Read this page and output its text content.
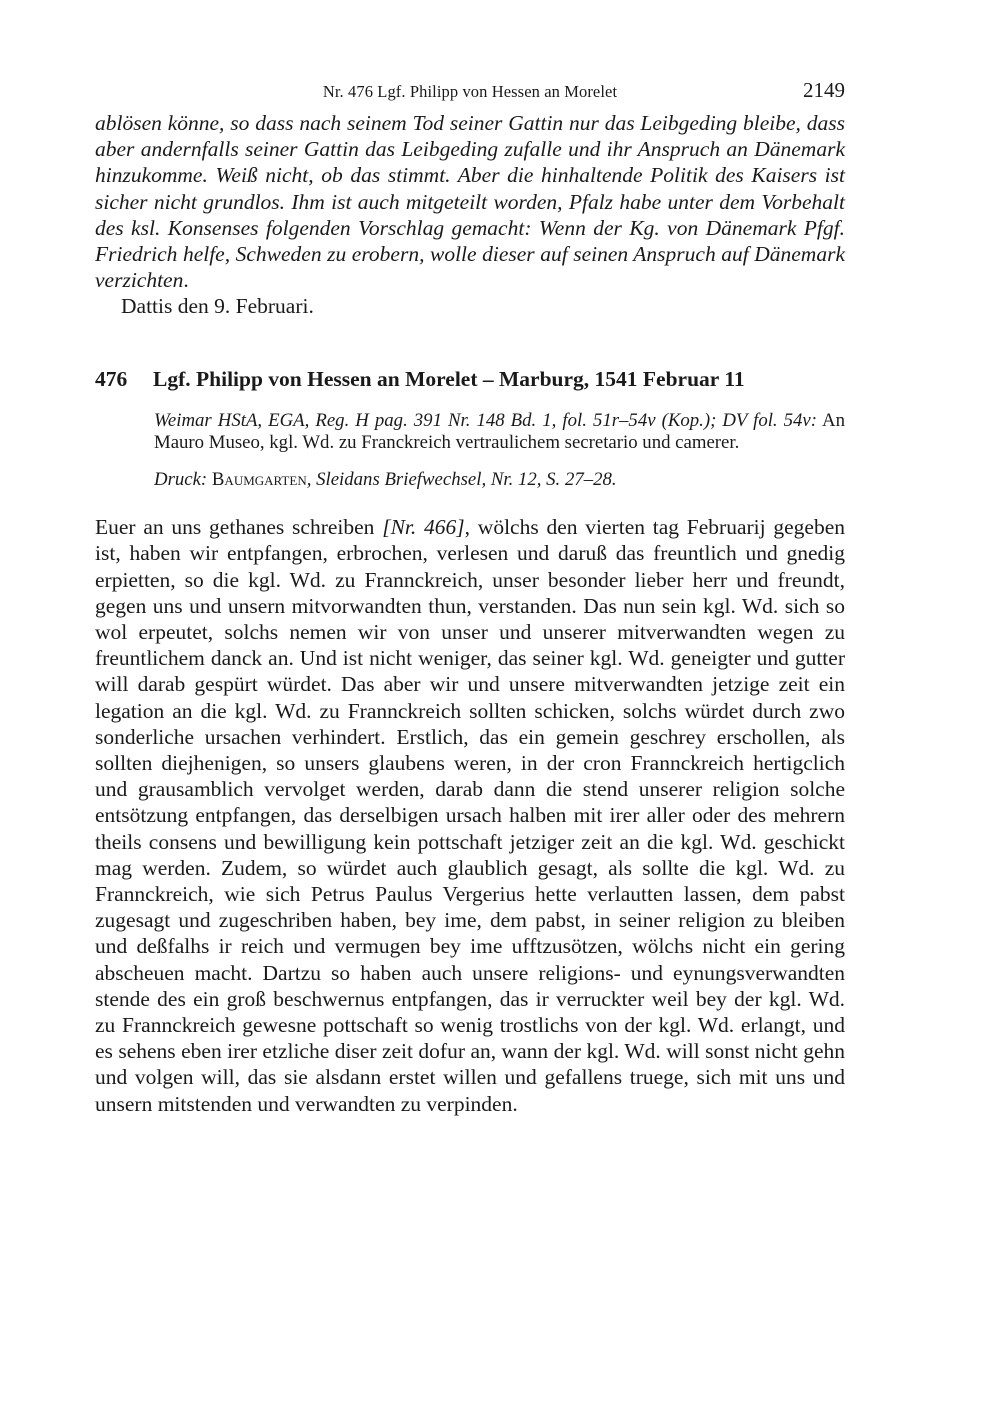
Nr. 476 Lgf. Philipp von Hessen an Morelet	2149

ablösen könne, so dass nach seinem Tod seiner Gattin nur das Leibgeding bleibe, dass aber andernfalls seiner Gattin das Leibgeding zufalle und ihr Anspruch an Dänemark hinzukomme. Weiß nicht, ob das stimmt. Aber die hinhaltende Politik des Kaisers ist sicher nicht grundlos. Ihm ist auch mitgeteilt worden, Pfalz habe unter dem Vorbehalt des ksl. Konsenses folgenden Vorschlag gemacht: Wenn der Kg. von Dänemark Pfgf. Friedrich helfe, Schweden zu erobern, wolle dieser auf seinen Anspruch auf Dänemark verzichten.

Dattis den 9. Februari.

476	Lgf. Philipp von Hessen an Morelet – Marburg, 1541 Februar 11

Weimar HStA, EGA, Reg. H pag. 391 Nr. 148 Bd. 1, fol. 51r–54v (Kop.); DV fol. 54v: An Mauro Museo, kgl. Wd. zu Franckreich vertraulichem secretario und camerer.

Druck: Baumgarten, Sleidans Briefwechsel, Nr. 12, S. 27–28.

Euer an uns gethanes schreiben [Nr. 466], wölchs den vierten tag Februarij gegeben ist, haben wir entpfangen, erbrochen, verlesen und daruß das freuntlich und gnedig erpietten, so die kgl. Wd. zu Frannckreich, unser besonder lieber herr und freundt, gegen uns und unsern mitvorwandten thun, verstanden. Das nun sein kgl. Wd. sich so wol erpeutet, solchs nemen wir von unser und unserer mitverwandten wegen zu freuntlichem danck an. Und ist nicht weniger, das seiner kgl. Wd. geneigter und gutter will darab gespürt würdet. Das aber wir und unsere mitverwandten jetzige zeit ein legation an die kgl. Wd. zu Frannckreich sollten schicken, solchs würdet durch zwo sonderliche ursachen verhindert. Erstlich, das ein gemein geschrey erschollen, als sollten diejhenigen, so unsers glaubens weren, in der cron Frannckreich hertigclich und grausamblich vervolget werden, darab dann die stend unserer religion solche entsötzung entpfangen, das derselbigen ursach halben mit irer aller oder des mehrern theils consens und bewilligung kein pottschaft jetziger zeit an die kgl. Wd. geschickt mag werden. Zudem, so würdet auch glaublich gesagt, als sollte die kgl. Wd. zu Frannckreich, wie sich Petrus Paulus Vergerius hette verlautten lassen, dem pabst zugesagt und zugeschriben haben, bey ime, dem pabst, in seiner religion zu bleiben und deßfalhs ir reich und vermugen bey ime ufftzusötzen, wölchs nicht ein gering abscheuen macht. Dartzu so haben auch unsere religions- und eynungsverwandten stende des ein groß beschwernus entpfangen, das ir verruckter weil bey der kgl. Wd. zu Frannckreich gewesne pottschaft so wenig trostlichs von der kgl. Wd. erlangt, und es sehens eben irer etzliche diser zeit dofur an, wann der kgl. Wd. will sonst nicht gehn und volgen will, das sie alsdann erstet willen und gefallens truege, sich mit uns und unsern mitstenden und verwandten zu verpinden.
